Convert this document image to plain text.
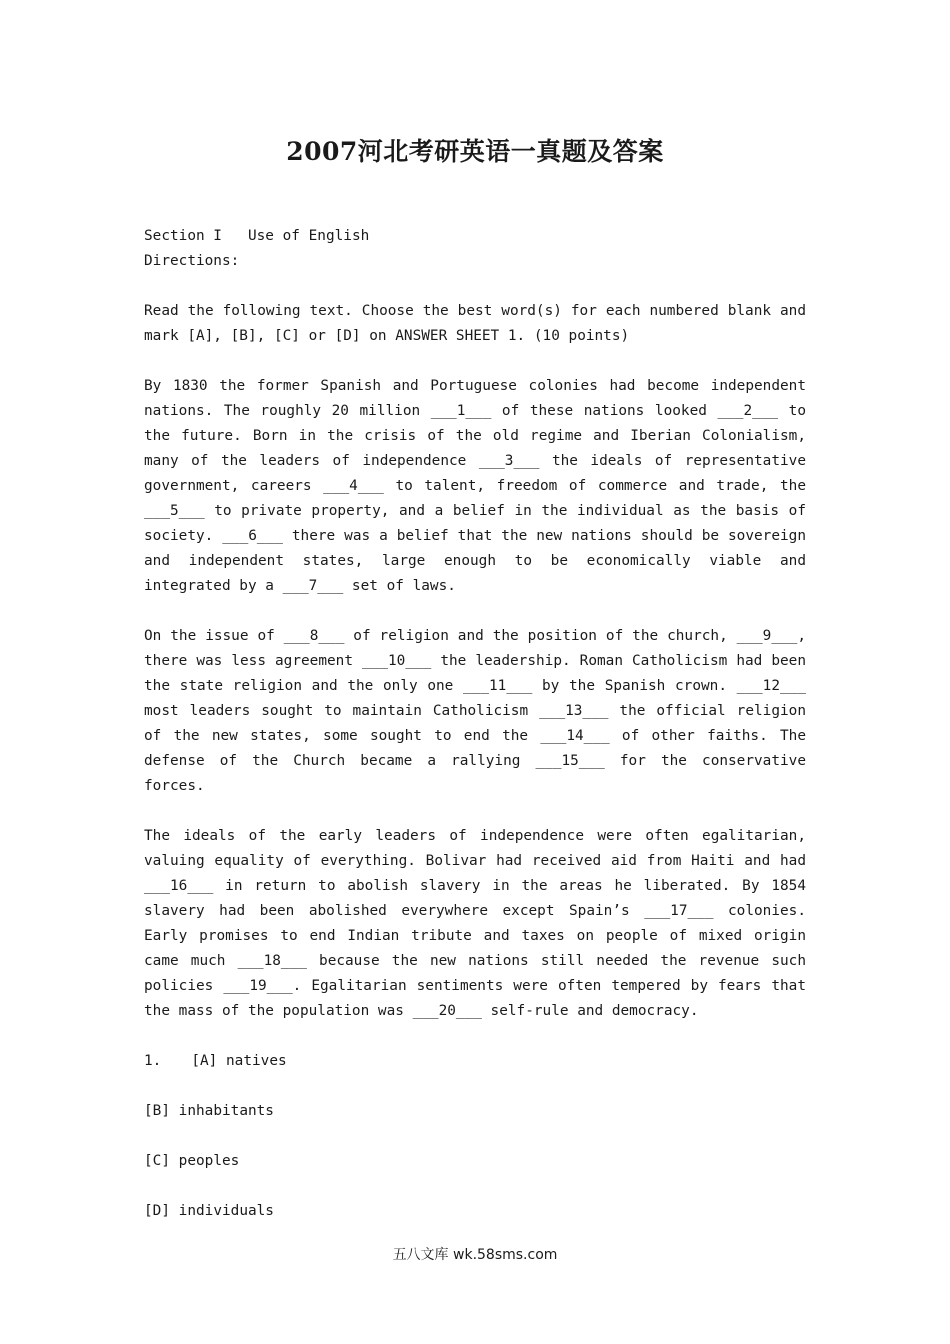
2007河北考研英语一真题及答案

Section I Use of English

Directions:

Read the following text. Choose the best word(s) for each numbered blank and mark [A], [B], [C] or [D] on ANSWER SHEET 1. (10 points)

By 1830 the former Spanish and Portuguese colonies had become independent nations. The roughly 20 million ___1___ of these nations looked ___2___ to the future. Born in the crisis of the old regime and Iberian Colonialism, many of the leaders of independence ___3___ the ideals of representative government, careers ___4___ to talent, freedom of commerce and trade, the ___5___ to private property, and a belief in the individual as the basis of society. ___6___ there was a belief that the new nations should be sovereign and independent states, large enough to be economically viable and integrated by a ___7___ set of laws.

On the issue of ___8___ of religion and the position of the church, ___9___, there was less agreement ___10___ the leadership. Roman Catholicism had been the state religion and the only one ___11___ by the Spanish crown. ___12___ most leaders sought to maintain Catholicism ___13___ the official religion of the new states, some sought to end the ___14___ of other faiths. The defense of the Church became a rallying ___15___ for the conservative forces.

The ideals of the early leaders of independence were often egalitarian, valuing equality of everything. Bolivar had received aid from Haiti and had ___16___ in return to abolish slavery in the areas he liberated. By 1854 slavery had been abolished everywhere except Spain’s ___17___ colonies. Early promises to end Indian tribute and taxes on people of mixed origin came much ___18___ because the new nations still needed the revenue such policies ___19___. Egalitarian sentiments were often tempered by fears that the mass of the population was ___20___ self-rule and democracy.

1. [A] natives

[B] inhabitants

[C] peoples

[D] individuals

五八文库 wk.58sms.com
